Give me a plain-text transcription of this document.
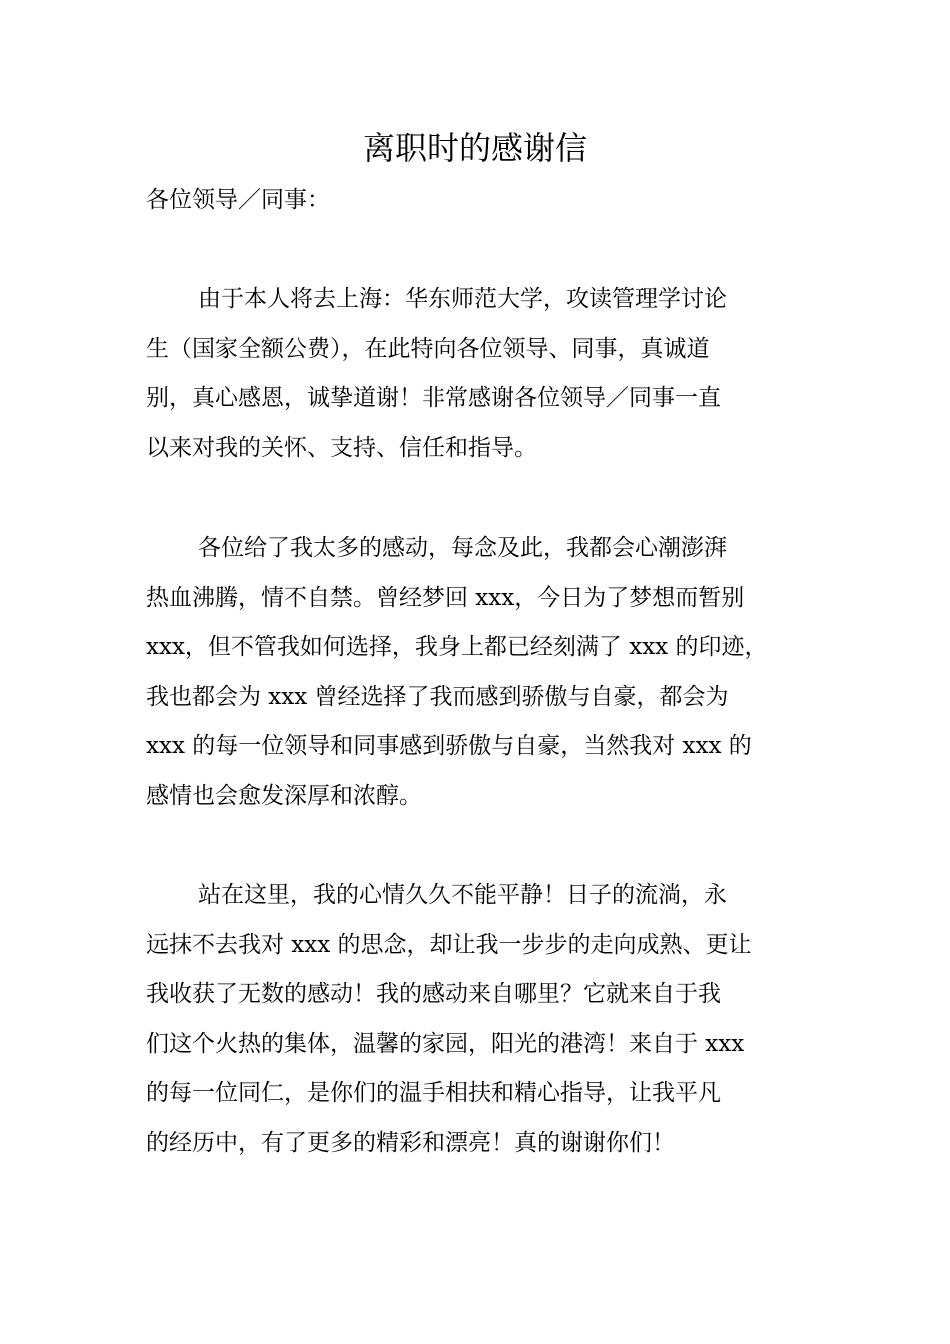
离职时的感谢信
各位领导／同事：
由于本人将去上海：华东师范大学，攻读管理学讨论
生（国家全额公费），在此特向各位领导、同事，真诚道
别，真心感恩，诚挚道谢！非常感谢各位领导／同事一直
以来对我的关怀、支持、信任和指导。
各位给了我太多的感动，每念及此，我都会心潮澎湃
热血沸腾，情不自禁。曾经梦回 xxx，今日为了梦想而暂别
xxx，但不管我如何选择，我身上都已经刻满了 xxx 的印迹，
我也都会为 xxx 曾经选择了我而感到骄傲与自豪，都会为
xxx 的每一位领导和同事感到骄傲与自豪，当然我对 xxx 的
感情也会愈发深厚和浓醇。
站在这里，我的心情久久不能平静！日子的流淌，永
远抹不去我对 xxx 的思念，却让我一步步的走向成熟、更让
我收获了无数的感动！我的感动来自哪里？它就来自于我
们这个火热的集体，温馨的家园，阳光的港湾！来自于 xxx
的每一位同仁，是你们的温手相扶和精心指导，让我平凡
的经历中，有了更多的精彩和漂亮！真的谢谢你们！
